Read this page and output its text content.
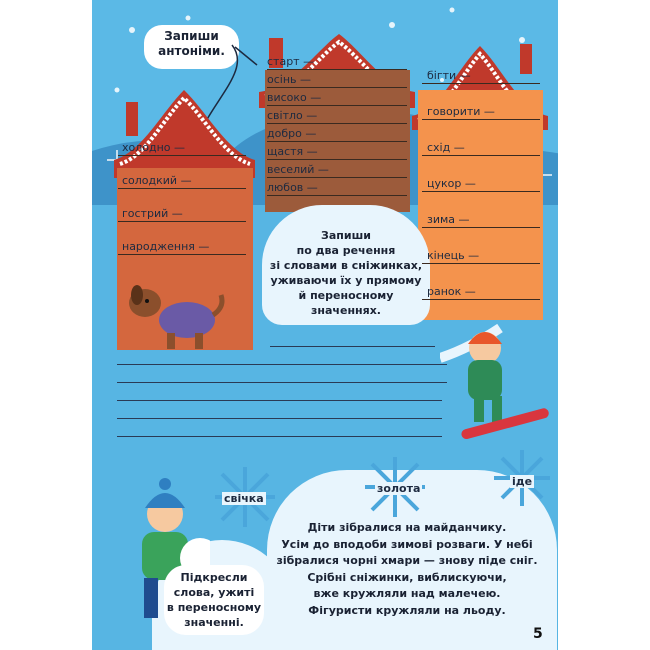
Запиши антоніми.
Запиши
по два речення
зі словами в сніжинках,
уживаючи їх у прямому
й переносному
значеннях.
свічка
золота
іде
Підкресли
слова, ужиті
в переносному
значенні.
Діти зібралися на майданчику.
Усім до вподоби зимові розваги. У небі
зібралися чорні хмари — знову піде сніг.
Срібні сніжинки, виблискуючи,
вже кружляли над малечею.
Фігуристи кружляли на льоду.
холодно —
солодкий —
гострий —
народження —
старт —
осінь —
високо —
світло —
добро —
щастя —
веселий —
любов —
бігти —
говорити —
схід —
цукор —
зима —
кінець —
ранок —
5
